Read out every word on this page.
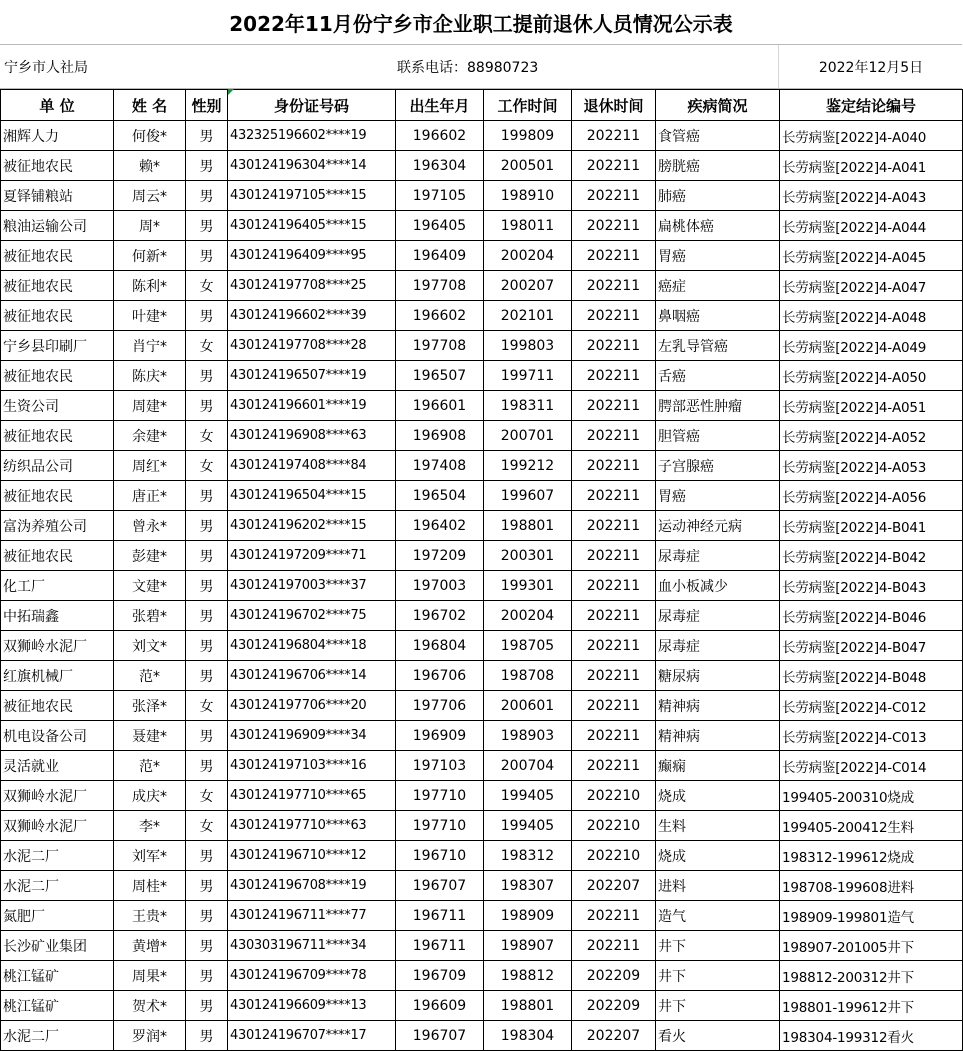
2022年11月份宁乡市企业职工提前退休人员情况公示表
宁乡市人社局	联系电话：88980723	2022年12月5日
单 位	姓 名	性别	身份证号码	出生年月	工作时间	退休时间	疾病简况	鉴定结论编号
湘辉人力	何俊*	男	432325196602****19	196602	199809	202211	食管癌	长劳病鉴[2022]4-A040
被征地农民	赖*	男	430124196304****14	196304	200501	202211	膀胱癌	长劳病鉴[2022]4-A041
夏铎铺粮站	周云*	男	430124197105****15	197105	198910	202211	肺癌	长劳病鉴[2022]4-A043
粮油运输公司	周*	男	430124196405****15	196405	198011	202211	扁桃体癌	长劳病鉴[2022]4-A044
被征地农民	何新*	男	430124196409****95	196409	200204	202211	胃癌	长劳病鉴[2022]4-A045
被征地农民	陈利*	女	430124197708****25	197708	200207	202211	癌症	长劳病鉴[2022]4-A047
被征地农民	叶建*	男	430124196602****39	196602	202101	202211	鼻咽癌	长劳病鉴[2022]4-A048
宁乡县印刷厂	肖宁*	女	430124197708****28	197708	199803	202211	左乳导管癌	长劳病鉴[2022]4-A049
被征地农民	陈庆*	男	430124196507****19	196507	199711	202211	舌癌	长劳病鉴[2022]4-A050
生资公司	周建*	男	430124196601****19	196601	198311	202211	腭部恶性肿瘤	长劳病鉴[2022]4-A051
被征地农民	余建*	女	430124196908****63	196908	200701	202211	胆管癌	长劳病鉴[2022]4-A052
纺织品公司	周红*	女	430124197408****84	197408	199212	202211	子宫腺癌	长劳病鉴[2022]4-A053
被征地农民	唐正*	男	430124196504****15	196504	199607	202211	胃癌	长劳病鉴[2022]4-A056
富沩养殖公司	曾永*	男	430124196202****15	196402	198801	202211	运动神经元病	长劳病鉴[2022]4-B041
被征地农民	彭建*	男	430124197209****71	197209	200301	202211	尿毒症	长劳病鉴[2022]4-B042
化工厂	文建*	男	430124197003****37	197003	199301	202211	血小板减少	长劳病鉴[2022]4-B043
中拓瑞鑫	张碧*	男	430124196702****75	196702	200204	202211	尿毒症	长劳病鉴[2022]4-B046
双狮岭水泥厂	刘文*	男	430124196804****18	196804	198705	202211	尿毒症	长劳病鉴[2022]4-B047
红旗机械厂	范*	男	430124196706****14	196706	198708	202211	糖尿病	长劳病鉴[2022]4-B048
被征地农民	张泽*	女	430124197706****20	197706	200601	202211	精神病	长劳病鉴[2022]4-C012
机电设备公司	聂建*	男	430124196909****34	196909	198903	202211	精神病	长劳病鉴[2022]4-C013
灵活就业	范*	男	430124197103****16	197103	200704	202211	癫痫	长劳病鉴[2022]4-C014
双狮岭水泥厂	成庆*	女	430124197710****65	197710	199405	202210	烧成	199405-200310烧成
双狮岭水泥厂	李*	女	430124197710****63	197710	199405	202210	生料	199405-200412生料
水泥二厂	刘军*	男	430124196710****12	196710	198312	202210	烧成	198312-199612烧成
水泥二厂	周桂*	男	430124196708****19	196707	198307	202207	进料	198708-199608进料
氮肥厂	王贵*	男	430124196711****77	196711	198909	202211	造气	198909-199801造气
长沙矿业集团	黄增*	男	430303196711****34	196711	198907	202211	井下	198907-201005井下
桃江锰矿	周果*	男	430124196709****78	196709	198812	202209	井下	198812-200312井下
桃江锰矿	贺术*	男	430124196609****13	196609	198801	202209	井下	198801-199612井下
水泥二厂	罗润*	男	430124196707****17	196707	198304	202207	看火	198304-199312看火
